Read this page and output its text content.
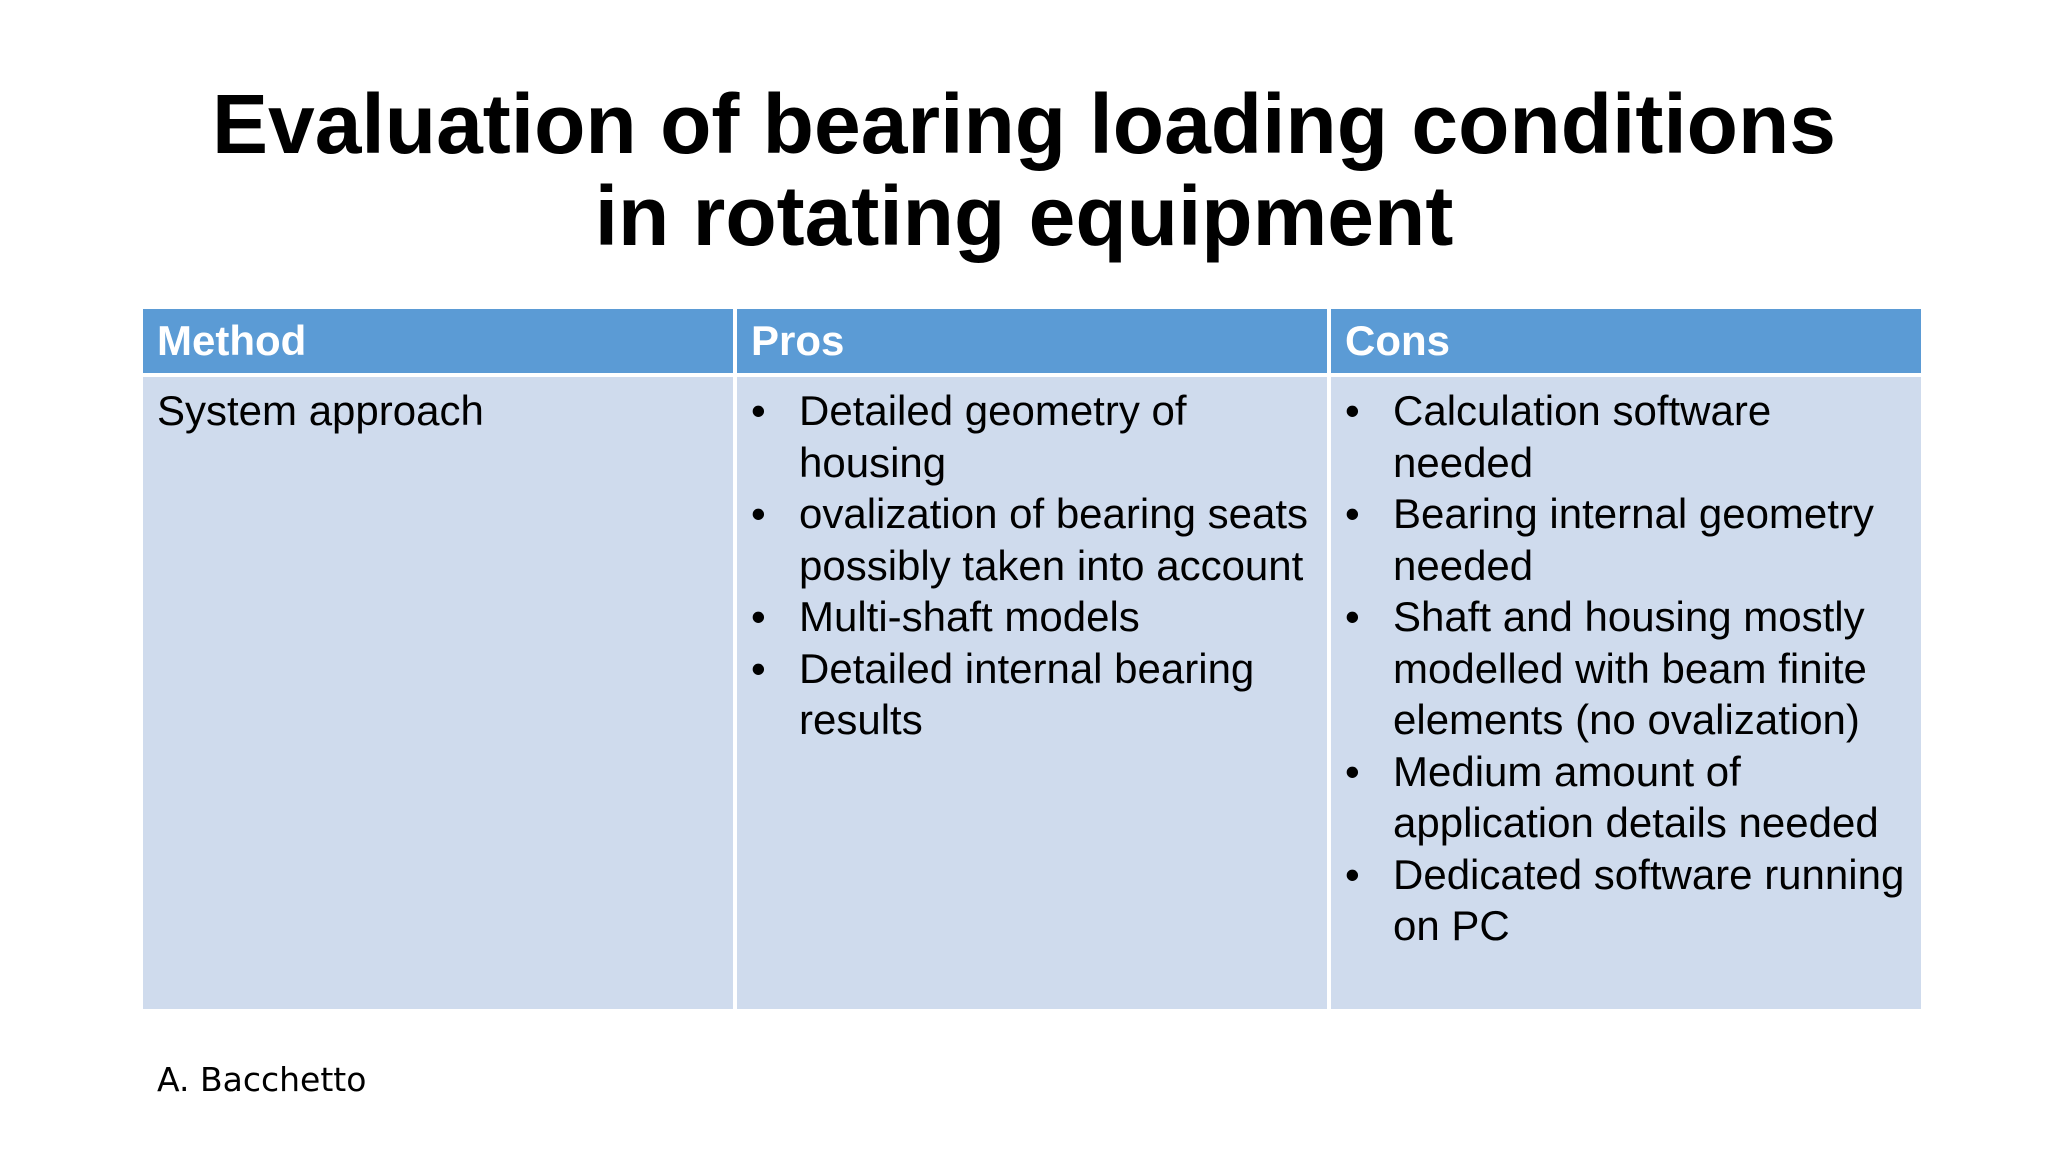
Evaluation of bearing loading conditions
in rotating equipment
Method	Pros	Cons
System approach
•	Detailed geometry of housing
• ovalization of bearing seats possibly taken into account
• Multi-shaft models
• Detailed internal bearing results
• Calculation software needed
• Bearing internal geometry needed
• Shaft and housing mostly modelled with beam finite elements (no ovalization)
• Medium amount of application details needed
• Dedicated software running on PC
A. Bacchetto
